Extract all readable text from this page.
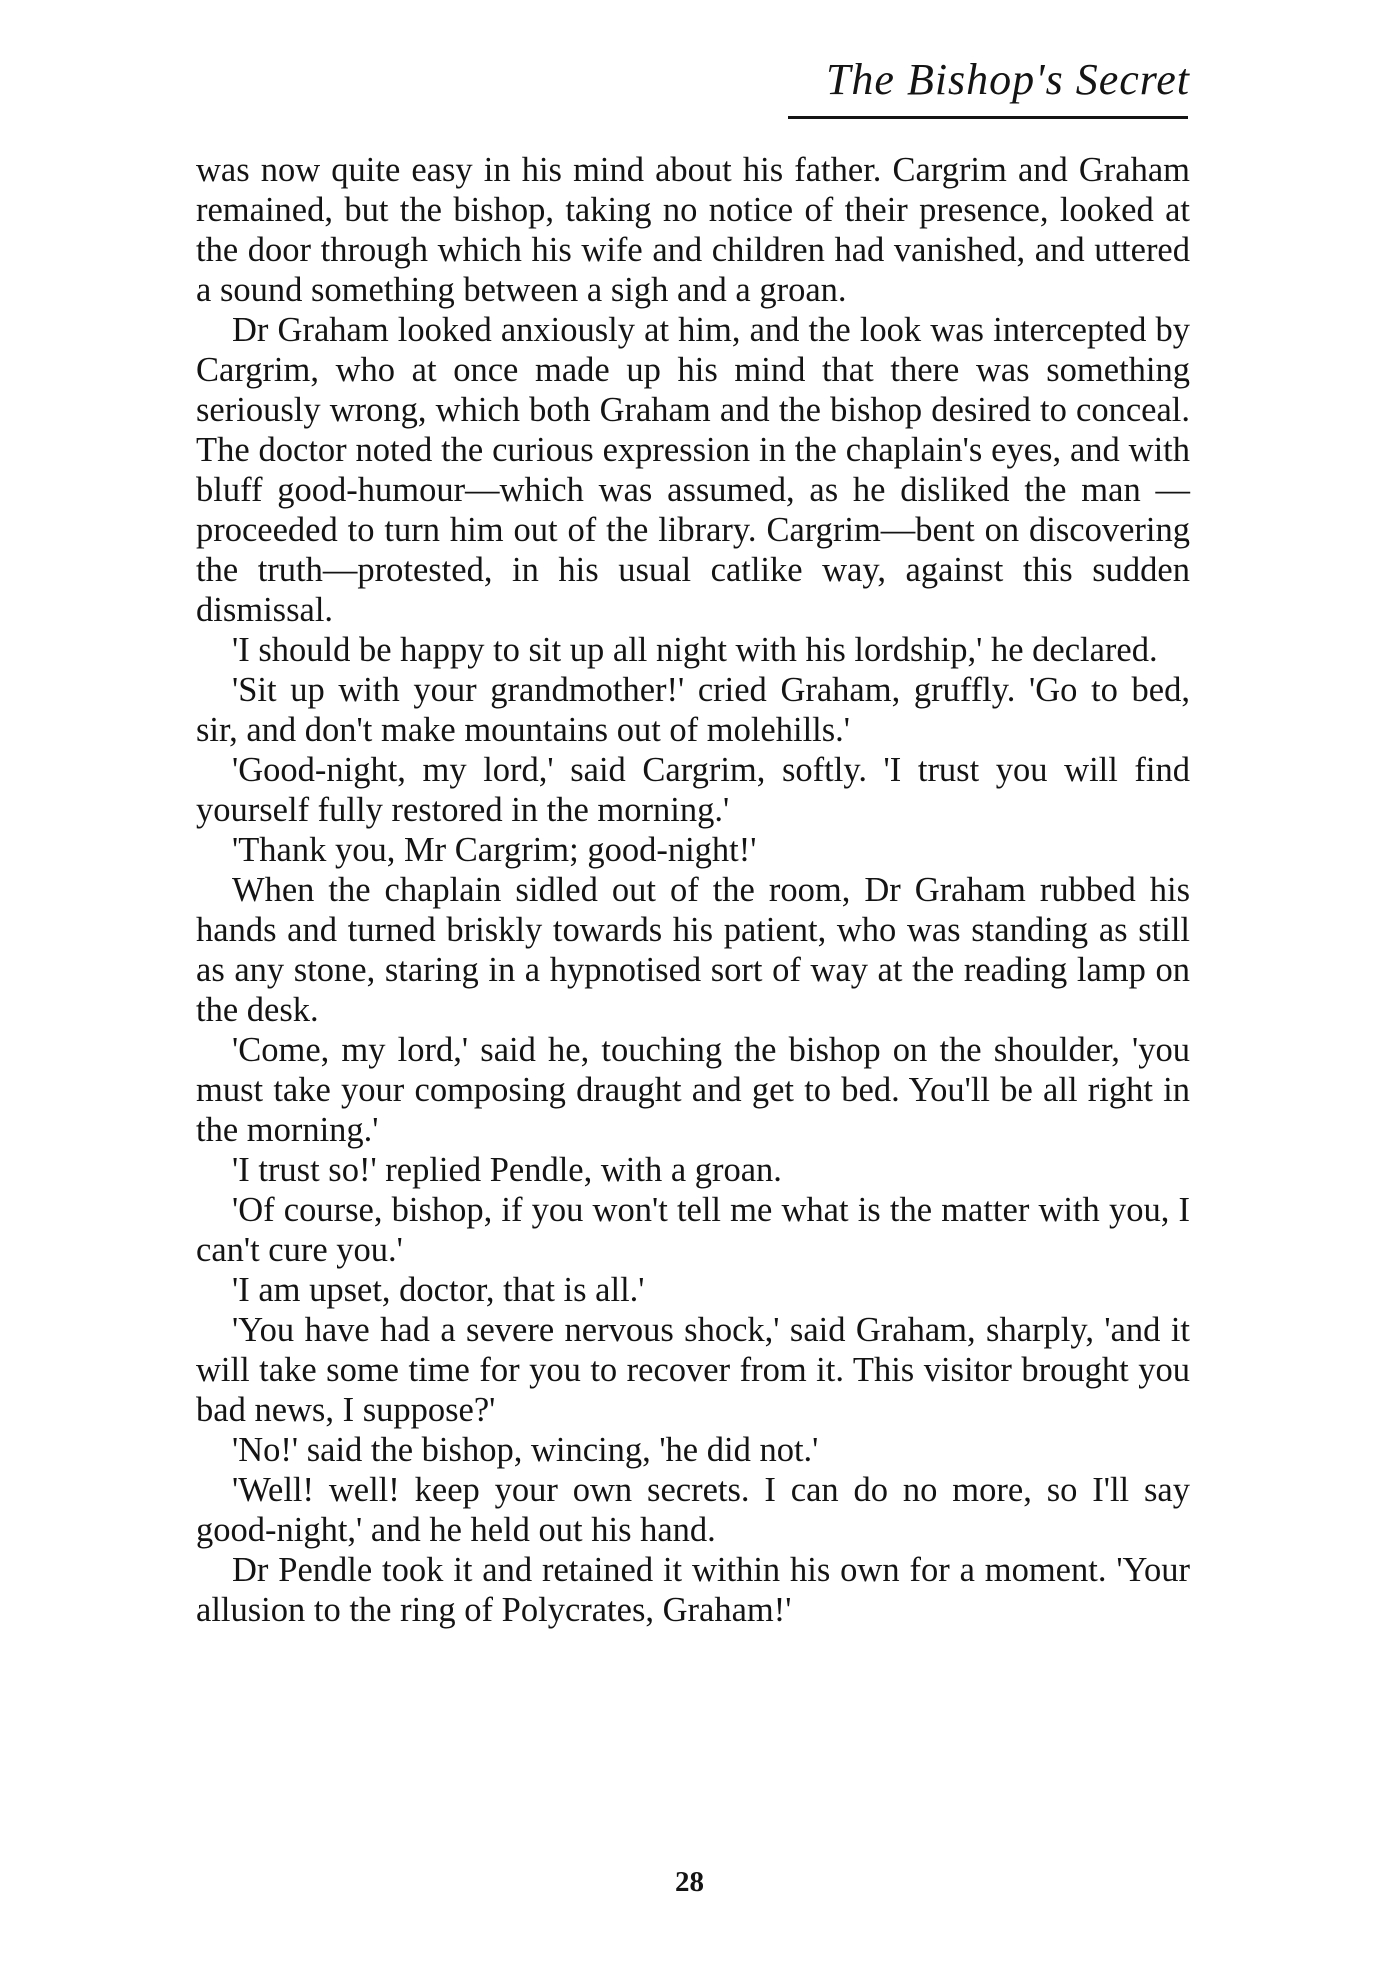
The Bishop's Secret

was now quite easy in his mind about his father. Cargrim and Graham remained, but the bishop, taking no notice of their presence, looked at the door through which his wife and children had vanished, and uttered a sound something between a sigh and a groan.

Dr Graham looked anxiously at him, and the look was intercepted by Cargrim, who at once made up his mind that there was something seriously wrong, which both Graham and the bishop desired to conceal. The doctor noted the curious expression in the chaplain's eyes, and with bluff good-humour—which was assumed, as he disliked the man —proceeded to turn him out of the library. Cargrim—bent on discovering the truth—protested, in his usual catlike way, against this sudden dismissal.

'I should be happy to sit up all night with his lordship,' he declared.

'Sit up with your grandmother!' cried Graham, gruffly. 'Go to bed, sir, and don't make mountains out of molehills.'

'Good-night, my lord,' said Cargrim, softly. 'I trust you will find yourself fully restored in the morning.'

'Thank you, Mr Cargrim; good-night!'

When the chaplain sidled out of the room, Dr Graham rubbed his hands and turned briskly towards his patient, who was standing as still as any stone, staring in a hypnotised sort of way at the reading lamp on the desk.

'Come, my lord,' said he, touching the bishop on the shoulder, 'you must take your composing draught and get to bed. You'll be all right in the morning.'

'I trust so!' replied Pendle, with a groan.

'Of course, bishop, if you won't tell me what is the matter with you, I can't cure you.'

'I am upset, doctor, that is all.'

'You have had a severe nervous shock,' said Graham, sharply, 'and it will take some time for you to recover from it. This visitor brought you bad news, I suppose?'

'No!' said the bishop, wincing, 'he did not.'

'Well! well! keep your own secrets. I can do no more, so I'll say good-night,' and he held out his hand.

Dr Pendle took it and retained it within his own for a moment. 'Your allusion to the ring of Polycrates, Graham!'

28
